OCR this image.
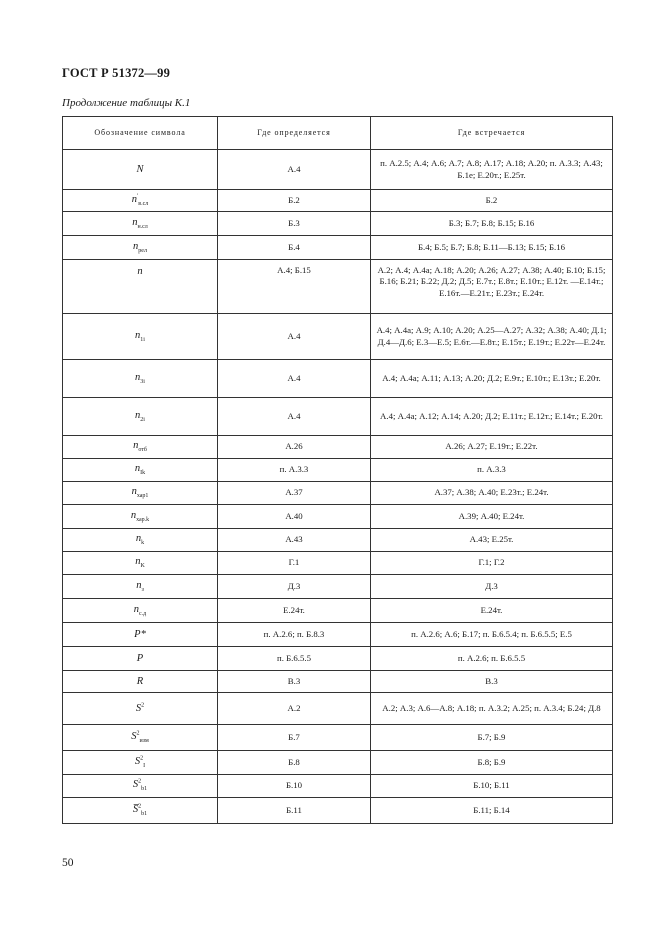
ГОСТ Р 51372—99
Продолжение таблицы К.1
Обозначение символа	Где определяется	Где встречается
N	А.4	п. А.2.5; А.4; А.6; А.7; А.8; А.17; А.18; А.20; п. А.3.3; А.43; Б.1е; Е.20т.; Е.25т.
$n'_{в.сл}$	Б.2	Б.2
$n_{н.сл}$	Б.3	Б.3; Б.7; Б.8; Б.15; Б.16
$n_{рел}$	Б.4	Б.4; Б.5; Б.7; Б.8; Б.11—Б.13; Б.15; Б.16
n	А.4; Б.15	А.2; А.4; А.4а; А.18; А.20; А.26; А.27; А.38; А.40; Б.10; Б.15; Б.16; Б.21; Б.22; Д.2; Д.5; Е.7т.; Е.8т.; Е.10т.; Е.12т. —Е.14т.; Е.16т.—Е.21т.; Е.23т.; Е.24т.
$n_{1i}$	А.4	А.4; А.4а; А.9; А.10; А.20; А.25—А.27; А.32; А.38; А.40; Д.1; Д.4—Д.6; Е.3—Е.5; Е.6т.—Е.8т.; Е.15т.; Е.19т.; Е.22т—Е.24т.
$n_{3i}$	А.4	А.4; А.4а; А.11; А.13; А.20; Д.2; Е.9т.; Е.10т.; Е.13т.; Е.20т.
$n_{2i}$	А.4	А.4; А.4а; А.12; А.14; А.20; Д.2; Е.11т.; Е.12т.; Е.14т.; Е.20т.
$n_{отб}$	А.26	А.26; А.27; Е.19т.; Е.22т.
$n_{Ik}$	п. А.3.3	п. А.3.3
$n_{хар1}$	А.37	А.37; А.38; А.40; Е.23т.; Е.24т.
$n_{хар.k}$	А.40	А.39; А.40; Е.24т.
$n_k$	А.43	А.43; Е.25т.
$n_K$	Г.1	Г.1; Г.2
$n_з$	Д.3	Д.3
$n_{с.д}$	Е.24т.	Е.24т.
P*	п. А.2.6; п. Б.8.3	п. А.2.6; А.6; Б.17; п. Б.6.5.4; п. Б.6.5.5; Е.5
P	п. Б.6.5.5	п. А.2.6; п. Б.6.5.5
R	В.3	В.3
$S^2$	А.2	А.2; А.3; А.6—А.8; А.18; п. А.3.2; А.25; п. А.3.4; Б.24; Д.8
$S^2_{изм}$	Б.7	Б.7; Б.9
$S^2_I$	Б.8	Б.8; Б.9
$S^2_{b1}$	Б.10	Б.10; Б.11
S̅$^2_{b1}$	Б.11	Б.11; Б.14
50
